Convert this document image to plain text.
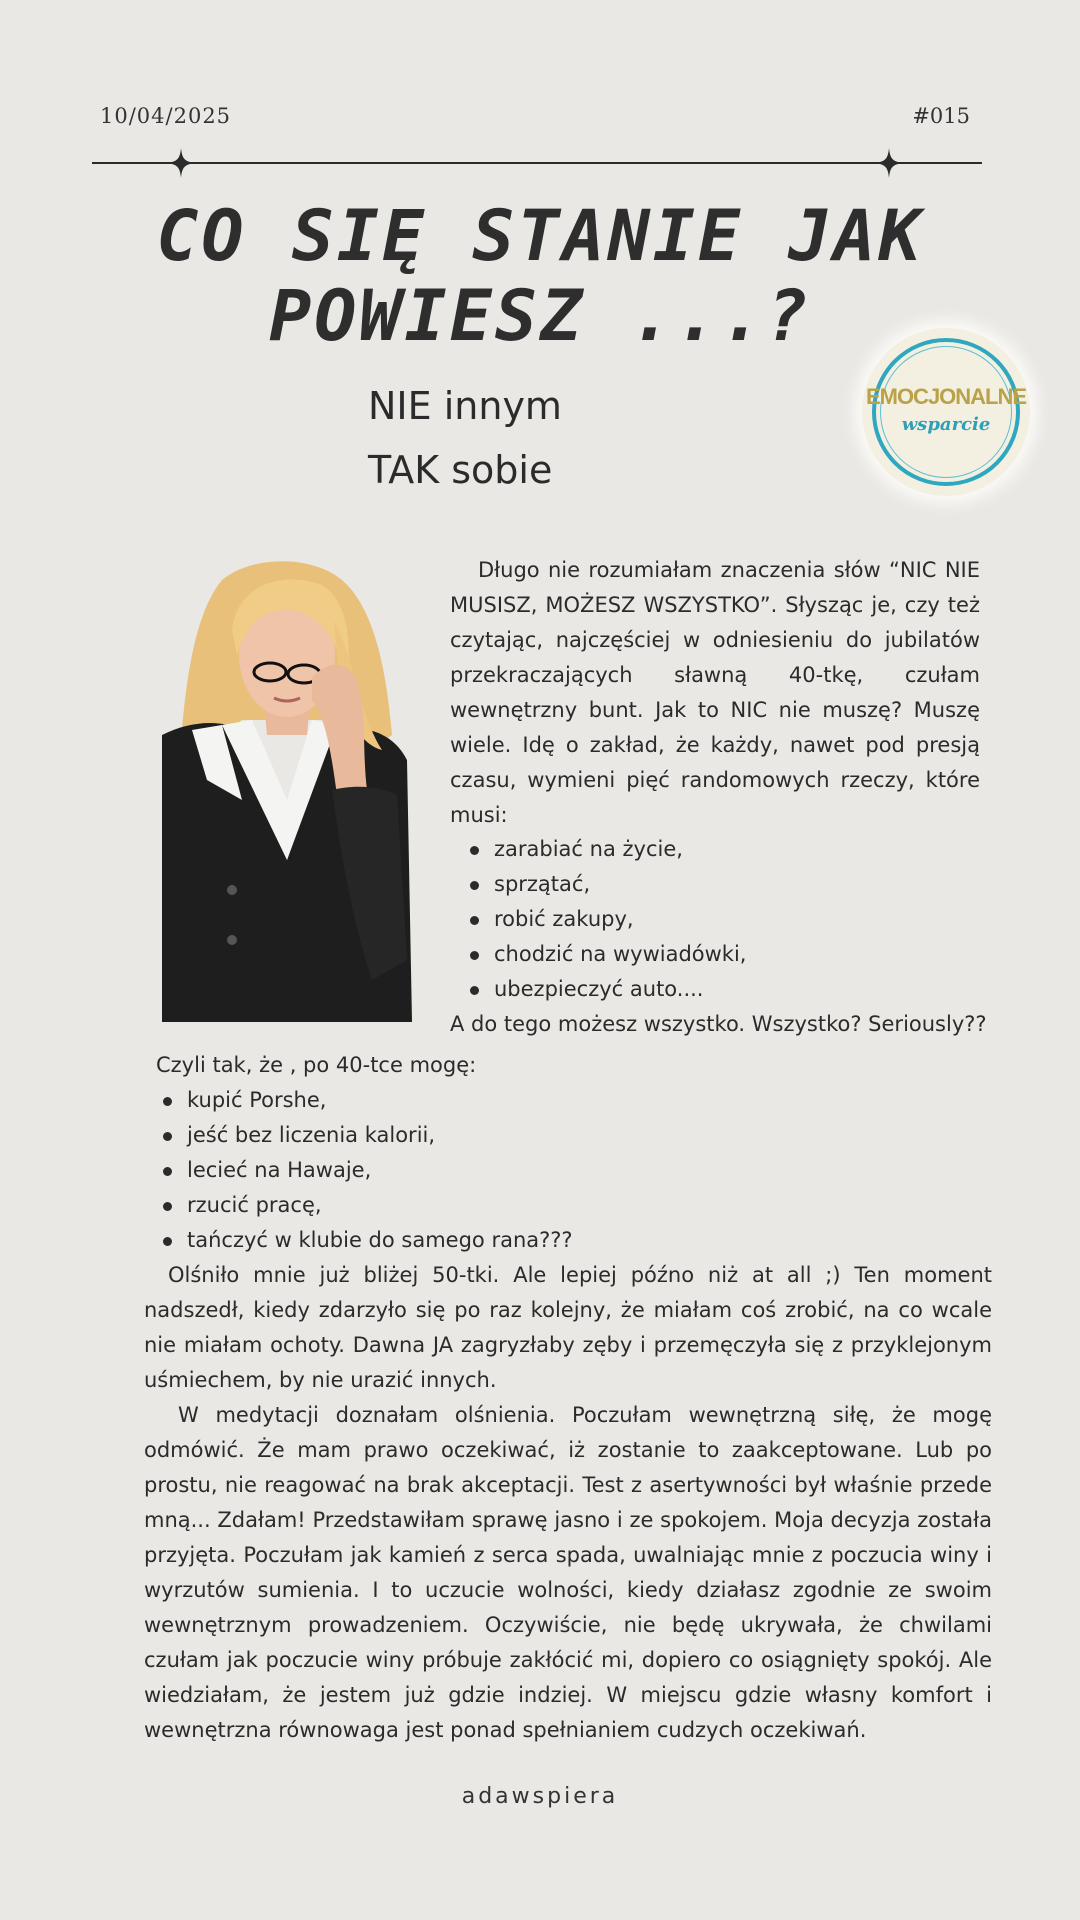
10/04/2025	#015
CO SIĘ STANIE JAK
POWIESZ ...?
NIE innym
TAK sobie
EMOCJONALNE
wsparcie

Długo nie rozumiałam znaczenia słów “NIC NIE MUSISZ, MOŻESZ WSZYSTKO”. Słysząc je, czy też czytając, najczęściej w odniesieniu do jubilatów przekraczających sławną 40-tkę, czułam wewnętrzny bunt. Jak to NIC nie muszę? Muszę wiele. Idę o zakład, że każdy, nawet pod presją czasu, wymieni pięć randomowych rzeczy, które musi:

zarabiać na życie,
sprzątać,
robić zakupy,
chodzić na wywiadówki,
ubezpieczyć auto....

A do tego możesz wszystko. Wszystko? Seriously??

Czyli tak, że , po 40-tce mogę:

kupić Porshe,
jeść bez liczenia kalorii,
lecieć na Hawaje,
rzucić pracę,
tańczyć w klubie do samego rana???

Olśniło mnie już bliżej 50-tki. Ale lepiej późno niż at all ;) Ten moment nadszedł, kiedy zdarzyło się po raz kolejny, że miałam coś zrobić, na co wcale nie miałam ochoty. Dawna JA zagryzłaby zęby i przemęczyła się z przyklejonym uśmiechem, by nie urazić innych.

W medytacji doznałam olśnienia. Poczułam wewnętrzną siłę, że mogę odmówić. Że mam prawo oczekiwać, iż zostanie to zaakceptowane. Lub po prostu, nie reagować na brak akceptacji. Test z asertywności był właśnie przede mną... Zdałam! Przedstawiłam sprawę jasno i ze spokojem. Moja decyzja została przyjęta. Poczułam jak kamień z serca spada, uwalniając mnie z poczucia winy i wyrzutów sumienia. I to uczucie wolności, kiedy działasz zgodnie ze swoim wewnętrznym prowadzeniem. Oczywiście, nie będę ukrywała, że chwilami czułam jak poczucie winy próbuje zakłócić mi, dopiero co osiągnięty spokój. Ale wiedziałam, że jestem już gdzie indziej. W miejscu gdzie własny komfort i wewnętrzna równowaga jest ponad spełnianiem cudzych oczekiwań.

adawspiera
